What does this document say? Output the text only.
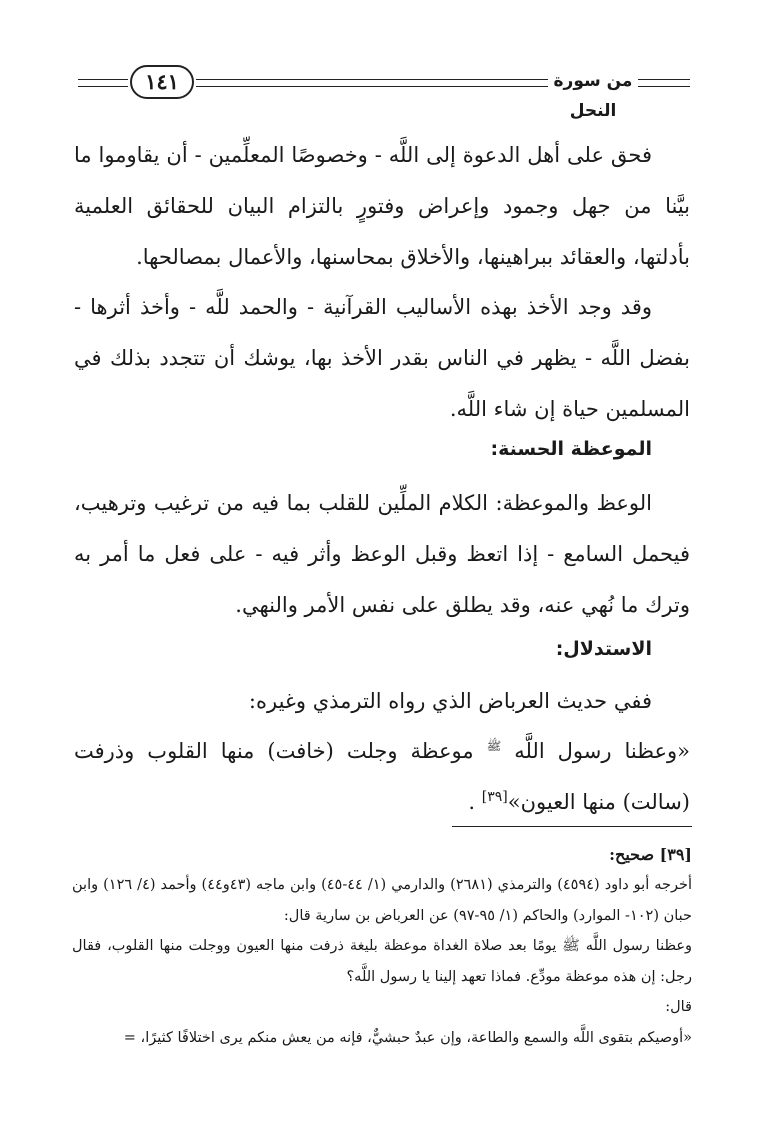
١٤١	من سورة النحل

فحق على أهل الدعوة إلى اللَّه - وخصوصًا المعلِّمين - أن يقاوموا ما بيَّنا من جهل وجمود وإعراض وفتورٍ بالتزام البيان للحقائق العلمية بأدلتها، والعقائد ببراهينها، والأخلاق بمحاسنها، والأعمال بمصالحها.

وقد وجد الأخذ بهذه الأساليب القرآنية - والحمد للَّه - وأخذ أثرها - بفضل اللَّه - يظهر في الناس بقدر الأخذ بها، يوشك أن تتجدد بذلك في المسلمين حياة إن شاء اللَّه.

الموعظة الحسنة:

الوعظ والموعظة: الكلام الملِّين للقلب بما فيه من ترغيب وترهيب، فيحمل السامع - إذا اتعظ وقبل الوعظ وأثر فيه - على فعل ما أمر به وترك ما نُهي عنه، وقد يطلق على نفس الأمر والنهي.

الاستدلال:

ففي حديث العرباض الذي رواه الترمذي وغيره:

«وعظنا رسول اللَّه $^ﷺ$ موعظة وجلت (خافت) منها القلوب وذرفت (سالت) منها العيون»[٣٩] .

[٣٩] صحيح:

أخرجه أبو داود (٤٥٩٤) والترمذي (٢٦٨١) والدارمي (١/ ٤٤-٤٥) وابن ماجه (٤٣و٤٤) وأحمد (٤/ ١٢٦) وابن حبان (١٠٢- الموارد) والحاكم (١/ ٩٥-٩٧) عن العرباض بن سارية قال:

وعظنا رسول اللَّه ﷺ يومًا بعد صلاة الغداة موعظة بليغة ذرفت منها العيون ووجلت منها القلوب، فقال رجل: إن هذه موعظة مودِّع. فماذا تعهد إلينا يا رسول اللَّه؟

قال:

«أوصيكم بتقوى اللَّه والسمع والطاعة، وإن عبدٌ حبشيٌّ، فإنه من يعش منكم يرى اختلافًا كثيرًا، =
